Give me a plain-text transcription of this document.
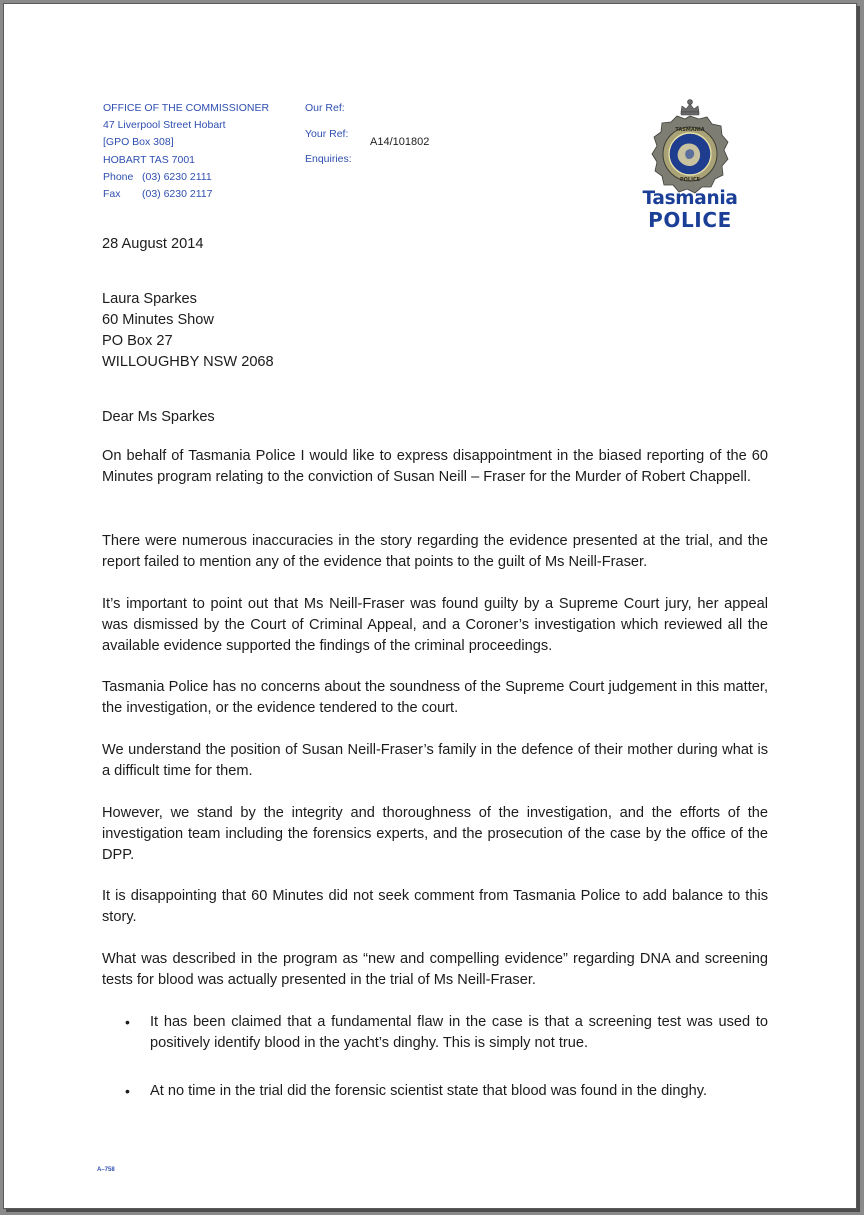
OFFICE OF THE COMMISSIONER
47 Liverpool Street Hobart
[GPO Box 308]
HOBART TAS 7001
Phone (03) 6230 2111
Fax	(03) 6230 2117
Our Ref:
Your Ref:
Enquiries:
A14/101802
TASMANIA
POLICE
Tasmania
POLICE
28 August 2014
Laura Sparkes
60 Minutes Show
PO Box 27
WILLOUGHBY NSW 2068
Dear Ms Sparkes
On behalf of Tasmania Police I would like to express disappointment in the biased reporting of the 60 Minutes program relating to the conviction of Susan Neill – Fraser for the Murder of Robert Chappell.
There were numerous inaccuracies in the story regarding the evidence presented at the trial, and the report failed to mention any of the evidence that points to the guilt of Ms Neill-Fraser.
It’s important to point out that Ms Neill-Fraser was found guilty by a Supreme Court jury, her appeal was dismissed by the Court of Criminal Appeal, and a Coroner’s investigation which reviewed all the available evidence supported the findings of the criminal proceedings.
Tasmania Police has no concerns about the soundness of the Supreme Court judgement in this matter, the investigation, or the evidence tendered to the court.
We understand the position of Susan Neill-Fraser’s family in the defence of their mother during what is a difficult time for them.
However, we stand by the integrity and thoroughness of the investigation, and the efforts of the investigation team including the forensics experts, and the prosecution of the case by the office of the DPP.
It is disappointing that 60 Minutes did not seek comment from Tasmania Police to add balance to this story.
What was described in the program as “new and compelling evidence” regarding DNA and screening tests for blood was actually presented in the trial of Ms Neill-Fraser.
• It has been claimed that a fundamental flaw in the case is that a screening test was used to positively identify blood in the yacht’s dinghy. This is simply not true.
• At no time in the trial did the forensic scientist state that blood was found in the dinghy.
A–758
